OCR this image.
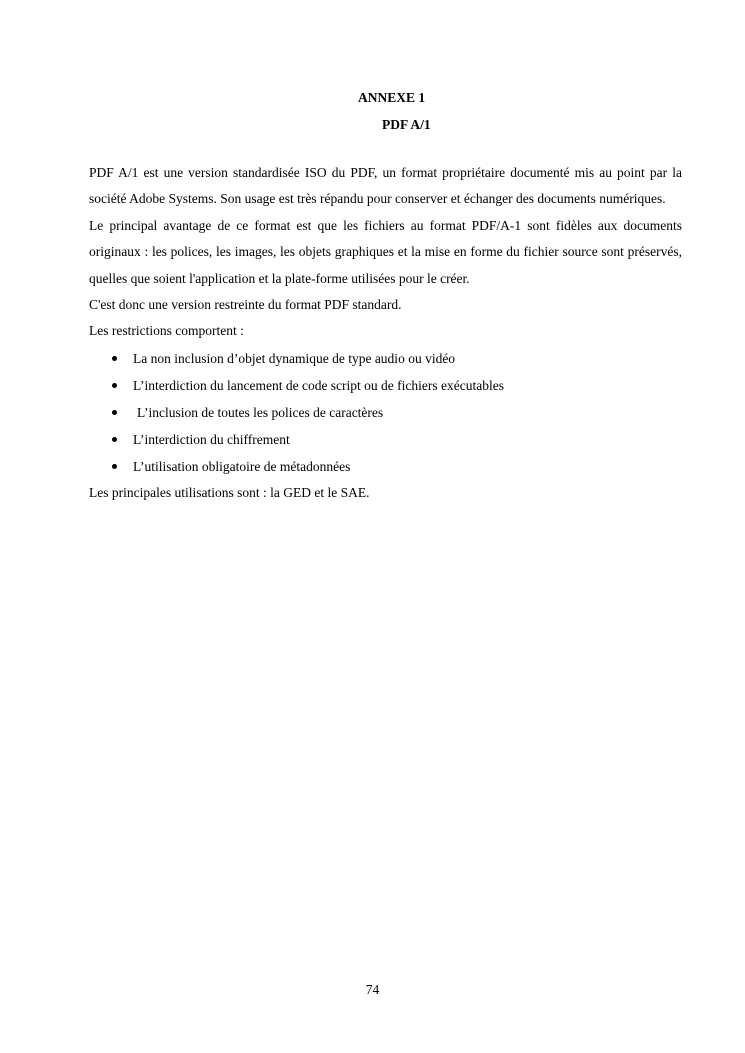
ANNEXE 1
PDF A/1

PDF A/1 est une version standardisée ISO du PDF, un format propriétaire documenté mis au point par la société Adobe Systems. Son usage est très répandu pour conserver et échanger des documents numériques.

Le principal avantage de ce format est que les fichiers au format PDF/A-1 sont fidèles aux documents originaux : les polices, les images, les objets graphiques et la mise en forme du fichier source sont préservés, quelles que soient l'application et la plate-forme utilisées pour le créer.

C'est donc une version restreinte du format PDF standard.

Les restrictions comportent :

La non inclusion d’objet dynamique de type audio ou vidéo
L’interdiction du lancement de code script ou de fichiers exécutables
L’inclusion de toutes les polices de caractères
L’interdiction du chiffrement
L’utilisation obligatoire de métadonnées

Les principales utilisations sont : la GED et le SAE.

74
